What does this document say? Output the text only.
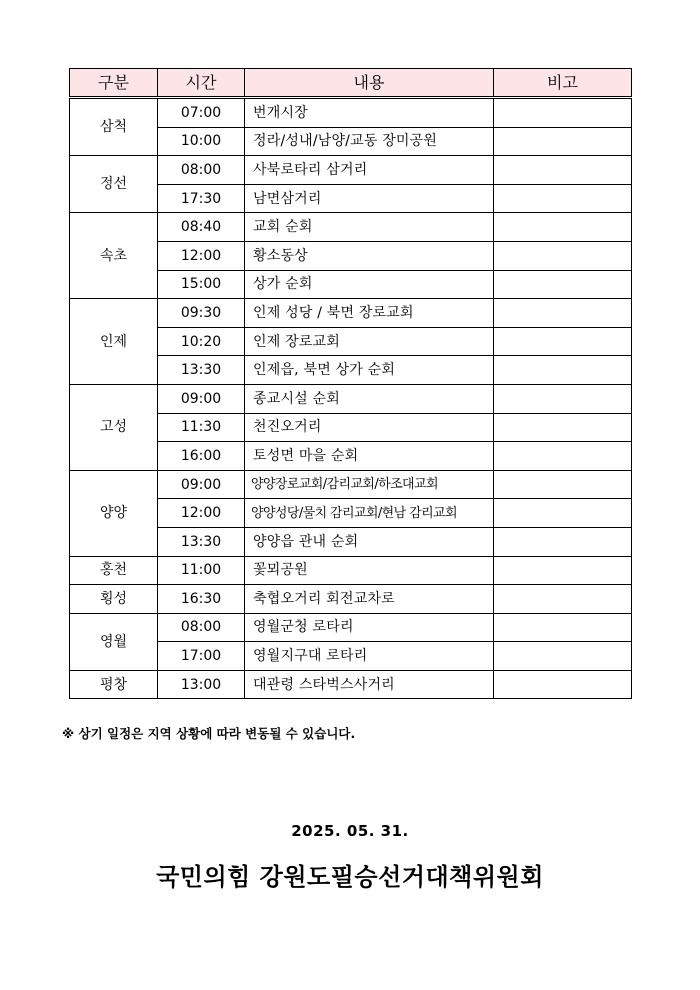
구분	시간	내용	비고
삼척	07:00	번개시장	
	10:00	정라/성내/남양/교동 장미공원	
정선	08:00	사북로타리 삼거리	
	17:30	남면삼거리	
속초	08:40	교회 순회	
	12:00	황소동상	
	15:00	상가 순회	
인제	09:30	인제 성당 / 북면 장로교회	
	10:20	인제 장로교회	
	13:30	인제읍, 북면 상가 순회	
고성	09:00	종교시설 순회	
	11:30	천진오거리	
	16:00	토성면 마을 순회	
양양	09:00	양양장로교회/감리교회/하조대교회	
	12:00	양양성당/물치 감리교회/현남 감리교회	
	13:30	양양읍 관내 순회	
홍천	11:00	꽃뫼공원	
횡성	16:30	축협오거리 회전교차로	
영월	08:00	영월군청 로타리	
	17:00	영월지구대 로타리	
평창	13:00	대관령 스타벅스사거리	
※ 상기 일정은 지역 상황에 따라 변동될 수 있습니다.
2025. 05. 31.
국민의힘 강원도필승선거대책위원회
